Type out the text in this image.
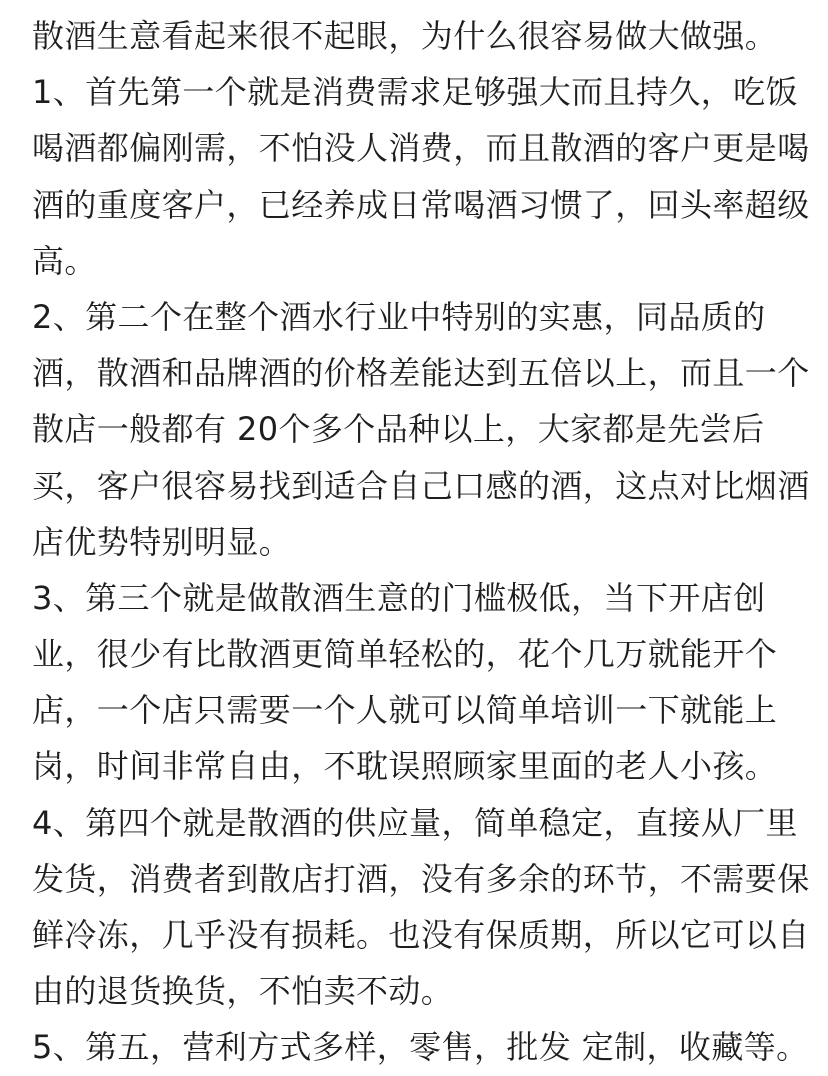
散酒生意看起来很不起眼，为什么很容易做大做强。
1、首先第一个就是消费需求足够强大而且持久，吃饭
喝酒都偏刚需，不怕没人消费，而且散酒的客户更是喝
酒的重度客户，已经养成日常喝酒习惯了，回头率超级
高。
2、第二个在整个酒水行业中特别的实惠，同品质的
酒，散酒和品牌酒的价格差能达到五倍以上，而且一个
散店一般都有 20个多个品种以上，大家都是先尝后
买，客户很容易找到适合自己口感的酒，这点对比烟酒
店优势特别明显。
3、第三个就是做散酒生意的门槛极低，当下开店创
业，很少有比散酒更简单轻松的，花个几万就能开个
店，一个店只需要一个人就可以简单培训一下就能上
岗，时间非常自由，不耽误照顾家里面的老人小孩。
4、第四个就是散酒的供应量，简单稳定，直接从厂里
发货，消费者到散店打酒，没有多余的环节，不需要保
鲜冷冻，几乎没有损耗。也没有保质期，所以它可以自
由的退货换货，不怕卖不动。
5、第五，营利方式多样，零售，批发 定制，收藏等。
